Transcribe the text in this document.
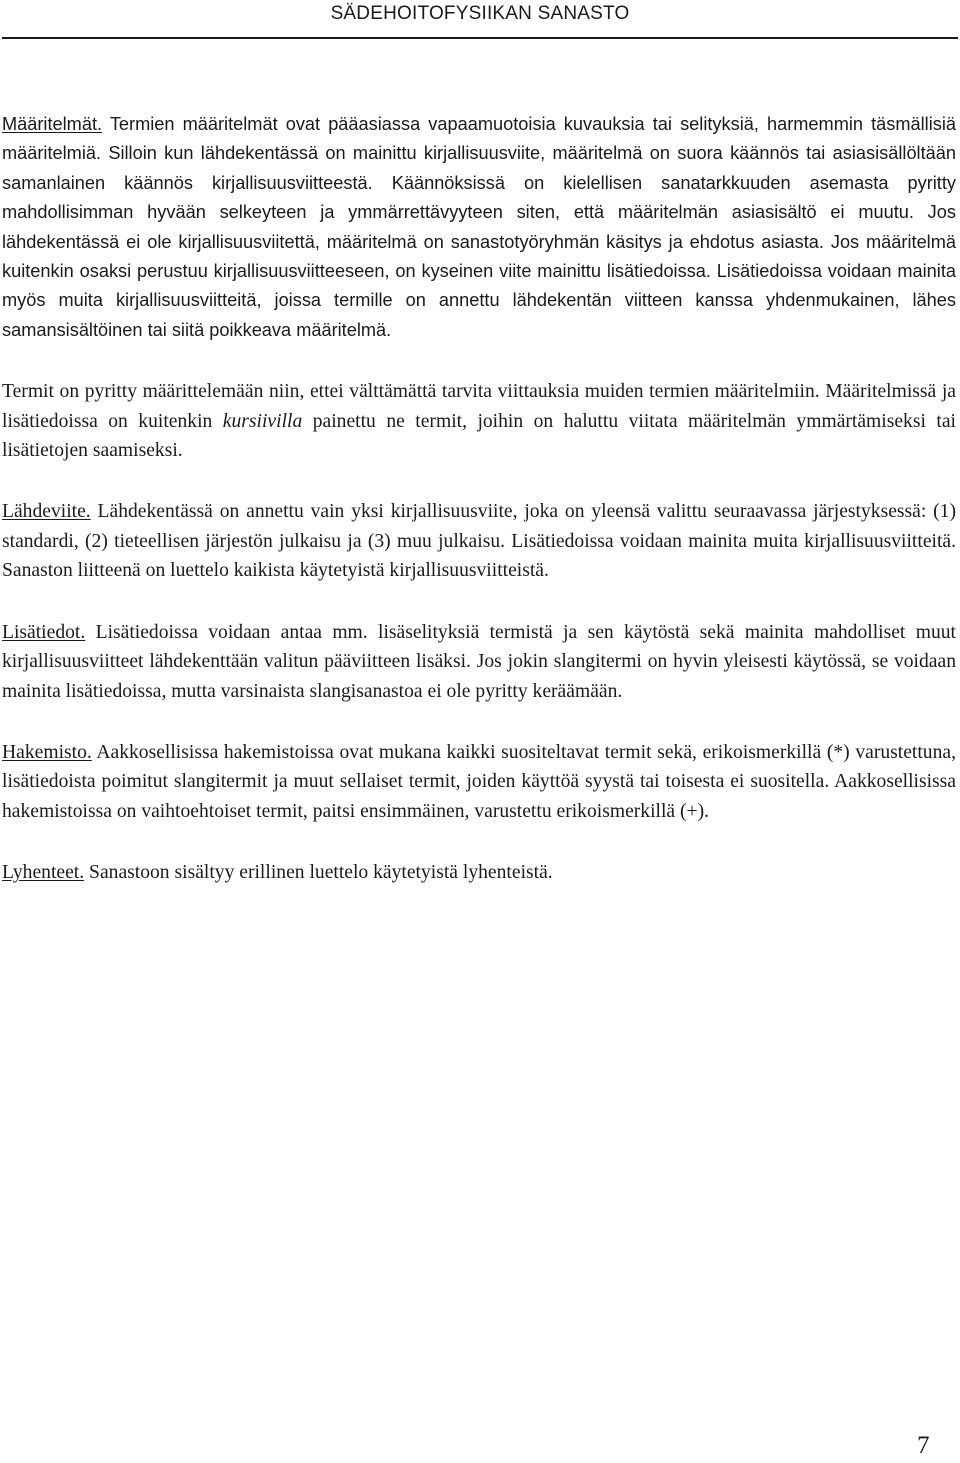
SÄDEHOITOFYSIIKAN SANASTO

Määritelmät. Termien määritelmät ovat pääasiassa vapaamuotoisia kuvauksia tai selityksiä, harmemmin täsmällisiä määritelmiä. Silloin kun lähdekentässä on mainittu kirjallisuusviite, määritelmä on suora käännös tai asiasisällöltään samanlainen käännös kirjallisuusviitteestä. Käännöksissä on kielellisen sanatarkkuuden asemasta pyritty mahdollisimman hyvään selkeyteen ja ymmärrettävyyteen siten, että määritelmän asiasisältö ei muutu. Jos lähdekentässä ei ole kirjallisuusviitettä, määritelmä on sanastotyöryhmän käsitys ja ehdotus asiasta. Jos määritelmä kuitenkin osaksi perustuu kirjallisuusviitteeseen, on kyseinen viite mainittu lisätiedoissa. Lisätiedoissa voidaan mainita myös muita kirjallisuusviitteitä, joissa termille on annettu lähdekentän viitteen kanssa yhdenmukainen, lähes samansisältöinen tai siitä poikkeava määritelmä.

Termit on pyritty määrittelemään niin, ettei välttämättä tarvita viittauksia muiden termien määritelmiin. Määritelmissä ja lisätiedoissa on kuitenkin kursiivilla painettu ne termit, joihin on haluttu viitata määritelmän ymmärtämiseksi tai lisätietojen saamiseksi.

Lähdeviite. Lähdekentässä on annettu vain yksi kirjallisuusviite, joka on yleensä valittu seuraavassa järjestyksessä: (1) standardi, (2) tieteellisen järjestön julkaisu ja (3) muu julkaisu. Lisätiedoissa voidaan mainita muita kirjallisuusviitteitä. Sanaston liitteenä on luettelo kaikista käytetyistä kirjallisuusviitteistä.

Lisätiedot. Lisätiedoissa voidaan antaa mm. lisäselityksiä termistä ja sen käytöstä sekä mainita mahdolliset muut kirjallisuusviitteet lähdekenttään valitun pääviitteen lisäksi. Jos jokin slangitermi on hyvin yleisesti käytössä, se voidaan mainita lisätiedoissa, mutta varsinaista slangisanastoa ei ole pyritty keräämään.

Hakemisto. Aakkosellisissa hakemistoissa ovat mukana kaikki suositeltavat termit sekä, erikoismerkillä (*) varustettuna, lisätiedoista poimitut slangitermit ja muut sellaiset termit, joiden käyttöä syystä tai toisesta ei suositella. Aakkosellisissa hakemistoissa on vaihtoehtoiset termit, paitsi ensimmäinen, varustettu erikoismerkillä (+).

Lyhenteet. Sanastoon sisältyy erillinen luettelo käytetyistä lyhenteistä.

7
